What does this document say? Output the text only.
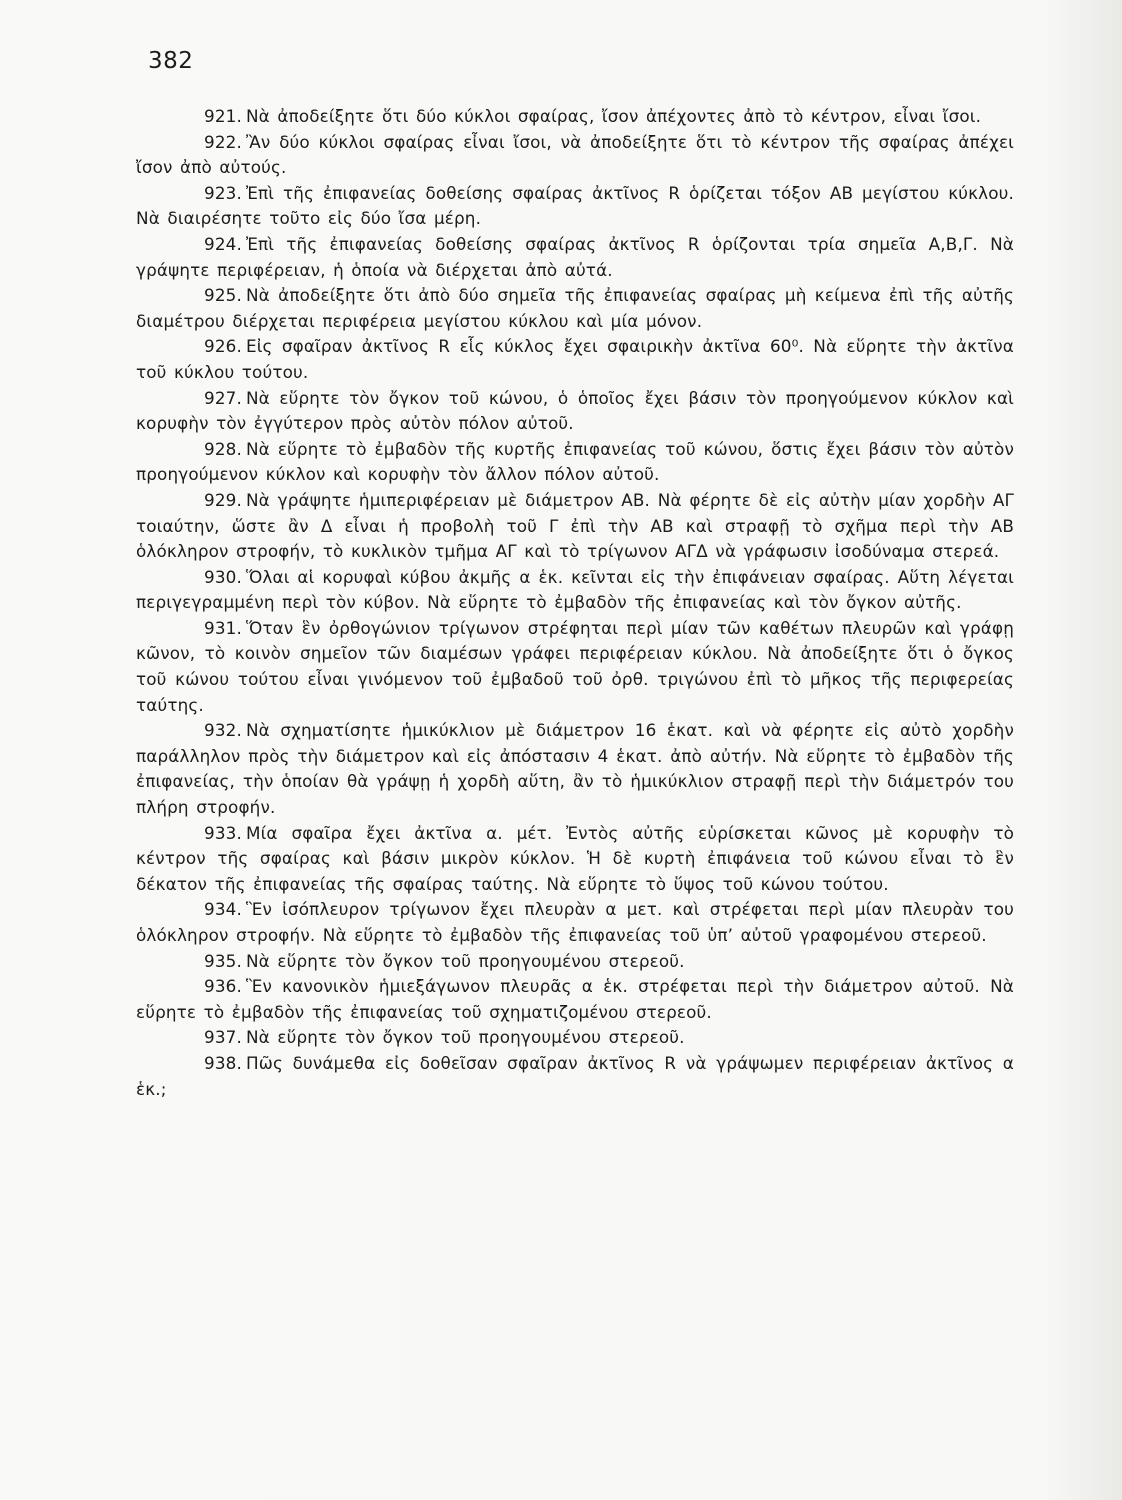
382

921. Νὰ ἀποδείξητε ὅτι δύο κύκλοι σφαίρας, ἴσον ἀπέχοντες ἀπὸ τὸ κέντρον, εἶναι ἴσοι.

922. Ἂν δύο κύκλοι σφαίρας εἶναι ἴσοι, νὰ ἀποδείξητε ὅτι τὸ κέντρον τῆς σφαίρας ἀπέχει ἴσον ἀπὸ αὐτούς.

923. Ἐπὶ τῆς ἐπιφανείας δοθείσης σφαίρας ἀκτῖνος R ὁρίζεται τόξον ΑΒ μεγίστου κύκλου. Νὰ διαιρέσητε τοῦτο εἰς δύο ἴσα μέρη.

924. Ἐπὶ τῆς ἐπιφανείας δοθείσης σφαίρας ἀκτῖνος R ὁρίζονται τρία σημεῖα Α,Β,Γ. Νὰ γράψητε περιφέρειαν, ἡ ὁποία νὰ διέρχεται ἀπὸ αὐτά.

925. Νὰ ἀποδείξητε ὅτι ἀπὸ δύο σημεῖα τῆς ἐπιφανείας σφαίρας μὴ κείμενα ἐπὶ τῆς αὐτῆς διαμέτρου διέρχεται περιφέρεια μεγίστου κύκλου καὶ μία μόνον.

926. Εἰς σφαῖραν ἀκτῖνος R εἷς κύκλος ἔχει σφαιρικὴν ἀκτῖνα 60⁰. Νὰ εὕρητε τὴν ἀκτῖνα τοῦ κύκλου τούτου.

927. Νὰ εὕρητε τὸν ὄγκον τοῦ κώνου, ὁ ὁποῖος ἔχει βάσιν τὸν προηγούμενον κύκλον καὶ κορυφὴν τὸν ἐγγύτερον πρὸς αὐτὸν πόλον αὐτοῦ.

928. Νὰ εὕρητε τὸ ἐμβαδὸν τῆς κυρτῆς ἐπιφανείας τοῦ κώνου, ὅστις ἔχει βάσιν τὸν αὐτὸν προηγούμενον κύκλον καὶ κορυφὴν τὸν ἄλλον πόλον αὐτοῦ.

929. Νὰ γράψητε ἡμιπεριφέρειαν μὲ διάμετρον ΑΒ. Νὰ φέρητε δὲ εἰς αὐτὴν μίαν χορδὴν ΑΓ τοιαύτην, ὥστε ἂν Δ εἶναι ἡ προβολὴ τοῦ Γ ἐπὶ τὴν ΑΒ καὶ στραφῇ τὸ σχῆμα περὶ τὴν ΑΒ ὁλόκληρον στροφήν, τὸ κυκλικὸν τμῆμα ΑΓ καὶ τὸ τρίγωνον ΑΓΔ νὰ γράφωσιν ἰσοδύναμα στερεά.

930. Ὅλαι αἱ κορυφαὶ κύβου ἀκμῆς α ἑκ. κεῖνται εἰς τὴν ἐπιφάνειαν σφαίρας. Αὕτη λέγεται περιγεγραμμένη περὶ τὸν κύβον. Νὰ εὕρητε τὸ ἐμβαδὸν τῆς ἐπιφανείας καὶ τὸν ὄγκον αὐτῆς.

931. Ὅταν ἓν ὀρθογώνιον τρίγωνον στρέφηται περὶ μίαν τῶν καθέτων πλευρῶν καὶ γράφῃ κῶνον, τὸ κοινὸν σημεῖον τῶν διαμέσων γράφει περιφέρειαν κύκλου. Νὰ ἀποδείξητε ὅτι ὁ ὄγκος τοῦ κώνου τούτου εἶναι γινόμενον τοῦ ἐμβαδοῦ τοῦ ὀρθ. τριγώνου ἐπὶ τὸ μῆκος τῆς περιφερείας ταύτης.

932. Νὰ σχηματίσητε ἡμικύκλιον μὲ διάμετρον 16 ἑκατ. καὶ νὰ φέρητε εἰς αὐτὸ χορδὴν παράλληλον πρὸς τὴν διάμετρον καὶ εἰς ἀπόστασιν 4 ἑκατ. ἀπὸ αὐτήν. Νὰ εὕρητε τὸ ἐμβαδὸν τῆς ἐπιφανείας, τὴν ὁποίαν θὰ γράψῃ ἡ χορδὴ αὕτη, ἂν τὸ ἡμικύκλιον στραφῇ περὶ τὴν διάμετρόν του πλήρη στροφήν.

933. Μία σφαῖρα ἔχει ἀκτῖνα α. μέτ. Ἐντὸς αὐτῆς εὑρίσκεται κῶνος μὲ κορυφὴν τὸ κέντρον τῆς σφαίρας καὶ βάσιν μικρὸν κύκλον. Ἡ δὲ κυρτὴ ἐπιφάνεια τοῦ κώνου εἶναι τὸ ἓν δέκατον τῆς ἐπιφανείας τῆς σφαίρας ταύτης. Νὰ εὕρητε τὸ ὕψος τοῦ κώνου τούτου.

934. Ἓν ἰσόπλευρον τρίγωνον ἔχει πλευρὰν α μετ. καὶ στρέφεται περὶ μίαν πλευρὰν του ὁλόκληρον στροφήν. Νὰ εὕρητε τὸ ἐμβαδὸν τῆς ἐπιφανείας τοῦ ὑπ’ αὐτοῦ γραφομένου στερεοῦ.

935. Νὰ εὕρητε τὸν ὄγκον τοῦ προηγουμένου στερεοῦ.

936. Ἓν κανονικὸν ἡμιεξάγωνον πλευρᾶς α ἑκ. στρέφεται περὶ τὴν διάμετρον αὐτοῦ. Νὰ εὕρητε τὸ ἐμβαδὸν τῆς ἐπιφανείας τοῦ σχηματιζομένου στερεοῦ.

937. Νὰ εὕρητε τὸν ὄγκον τοῦ προηγουμένου στερεοῦ.

938. Πῶς δυνάμεθα εἰς δοθεῖσαν σφαῖραν ἀκτῖνος R νὰ γράψωμεν περιφέρειαν ἀκτῖνος α ἑκ.;
